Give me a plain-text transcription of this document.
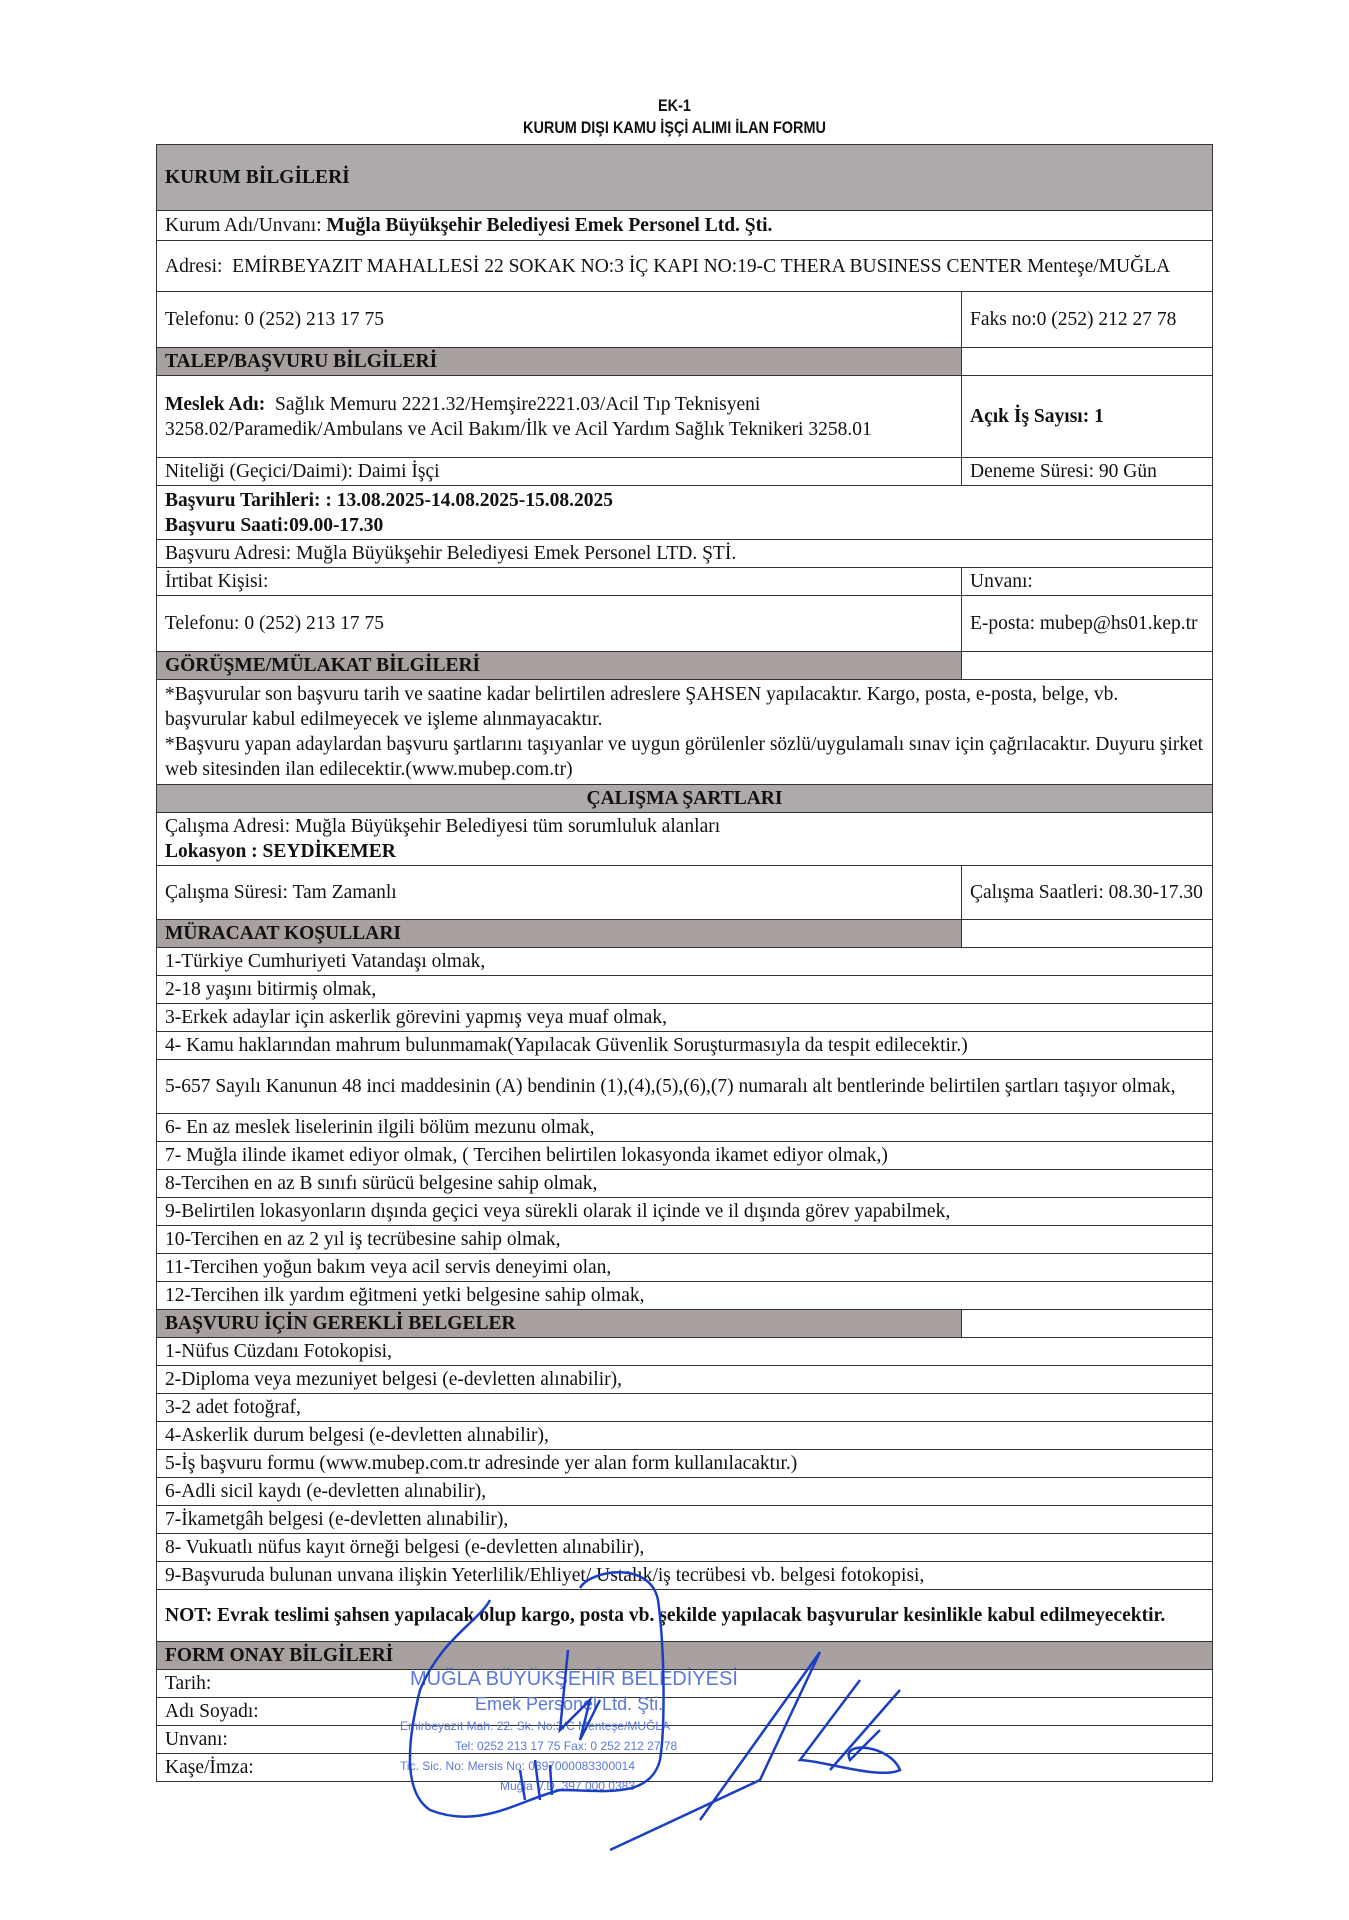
EK-1
KURUM DIŞI KAMU İŞÇİ ALIMI İLAN FORMU
KURUM BİLGİLERİ	
Kurum Adı/Unvanı: Muğla Büyükşehir Belediyesi Emek Personel Ltd. Şti.	
Adresi: EMİRBEYAZIT MAHALLESİ 22 SOKAK NO:3 İÇ KAPI NO:19-C THERA BUSINESS CENTER Menteşe/MUĞLA	
Telefonu: 0 (252) 213 17 75	Faks no:0 (252) 212 27 78
TALEP/BAŞVURU BİLGİLERİ	
Meslek Adı: Sağlık Memuru 2221.32/Hemşire2221.03/Acil Tıp Teknisyeni 3258.02/Paramedik/Ambulans ve Acil Bakım/İlk ve Acil Yardım Sağlık Teknikeri 3258.01	Açık İş Sayısı: 1
Niteliği (Geçici/Daimi): Daimi İşçi	Deneme Süresi: 90 Gün
Başvuru Tarihleri: : 13.08.2025-14.08.2025-15.08.2025
Başvuru Saati:09.00-17.30	
Başvuru Adresi: Muğla Büyükşehir Belediyesi Emek Personel LTD. ŞTİ.	
İrtibat Kişisi:	Unvanı:
Telefonu: 0 (252) 213 17 75	E-posta: mubep@hs01.kep.tr
GÖRÜŞME/MÜLAKAT BİLGİLERİ	
*Başvurular son başvuru tarih ve saatine kadar belirtilen adreslere ŞAHSEN yapılacaktır. Kargo, posta, e-posta, belge, vb. başvurular kabul edilmeyecek ve işleme alınmayacaktır.
*Başvuru yapan adaylardan başvuru şartlarını taşıyanlar ve uygun görülenler sözlü/uygulamalı sınav için çağrılacaktır. Duyuru şirket web sitesinden ilan edilecektir.(www.mubep.com.tr)	
ÇALIŞMA ŞARTLARI	
Çalışma Adresi: Muğla Büyükşehir Belediyesi tüm sorumluluk alanları
Lokasyon : SEYDİKEMER	
Çalışma Süresi: Tam Zamanlı	Çalışma Saatleri: 08.30-17.30
MÜRACAAT KOŞULLARI	
1-Türkiye Cumhuriyeti Vatandaşı olmak,	
2-18 yaşını bitirmiş olmak,	
3-Erkek adaylar için askerlik görevini yapmış veya muaf olmak,	
4- Kamu haklarından mahrum bulunmamak(Yapılacak Güvenlik Soruşturmasıyla da tespit edilecektir.)	
5-657 Sayılı Kanunun 48 inci maddesinin (A) bendinin (1),(4),(5),(6),(7) numaralı alt bentlerinde belirtilen şartları taşıyor olmak,	
6- En az meslek liselerinin ilgili bölüm mezunu olmak,	
7- Muğla ilinde ikamet ediyor olmak, ( Tercihen belirtilen lokasyonda ikamet ediyor olmak,)	
8-Tercihen en az B sınıfı sürücü belgesine sahip olmak,	
9-Belirtilen lokasyonların dışında geçici veya sürekli olarak il içinde ve il dışında görev yapabilmek,	
10-Tercihen en az 2 yıl iş tecrübesine sahip olmak,	
11-Tercihen yoğun bakım veya acil servis deneyimi olan,	
12-Tercihen ilk yardım eğitmeni yetki belgesine sahip olmak,	
BAŞVURU İÇİN GEREKLİ BELGELER	
1-Nüfus Cüzdanı Fotokopisi,	
2-Diploma veya mezuniyet belgesi (e-devletten alınabilir),	
3-2 adet fotoğraf,	
4-Askerlik durum belgesi (e-devletten alınabilir),	
5-İş başvuru formu (www.mubep.com.tr adresinde yer alan form kullanılacaktır.)	
6-Adli sicil kaydı (e-devletten alınabilir),	
7-İkametgâh belgesi (e-devletten alınabilir),	
8- Vukuatlı nüfus kayıt örneği belgesi (e-devletten alınabilir),	
9-Başvuruda bulunan unvana ilişkin Yeterlilik/Ehliyet/ Ustalık/iş tecrübesi vb. belgesi fotokopisi,	
NOT: Evrak teslimi şahsen yapılacak olup kargo, posta vb. şekilde yapılacak başvurular kesinlikle kabul edilmeyecektir.	
FORM ONAY BİLGİLERİ	
Tarih:	
Adı Soyadı:	
Unvanı:	
Kaşe/İmza:	
MUĞLA BÜYÜKŞEHİR BELEDİYESİ
Emek Personel Ltd. Şti.
Emirbeyazıt Mah. 22. Sk. No:3/C Menteşe/MUĞLA
Tel: 0252 213 17 75 Fax: 0 252 212 27 78
Tic. Sic. No: Mersis No: 0397000083300014
Muğla V.D. 397 000 0383
